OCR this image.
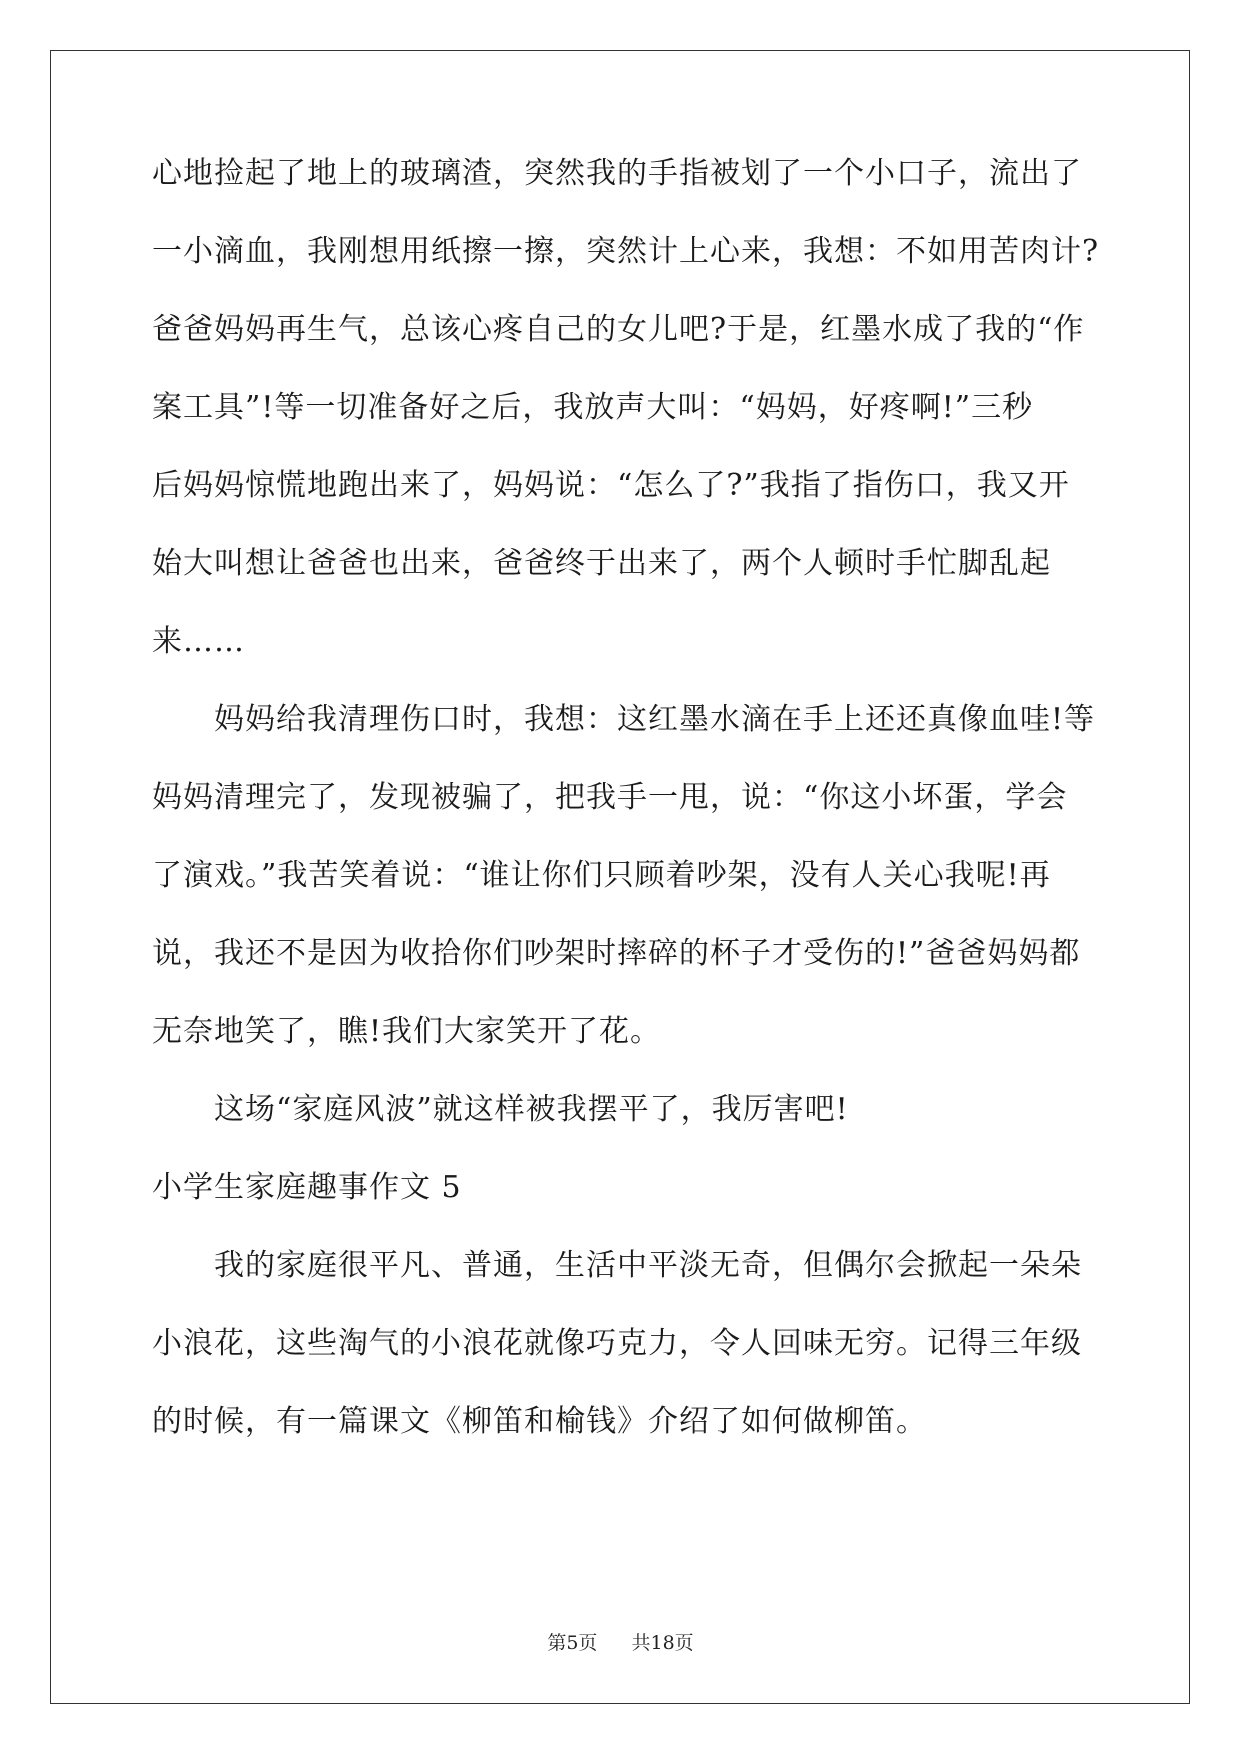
心地捡起了地上的玻璃渣，突然我的手指被划了一个小口子，流出了
一小滴血，我刚想用纸擦一擦，突然计上心来，我想：不如用苦肉计?
爸爸妈妈再生气，总该心疼自己的女儿吧?于是，红墨水成了我的“作
案工具”!等一切准备好之后，我放声大叫：“妈妈，好疼啊!”三秒
后妈妈惊慌地跑出来了，妈妈说：“怎么了?”我指了指伤口，我又开
始大叫想让爸爸也出来，爸爸终于出来了，两个人顿时手忙脚乱起
来……
妈妈给我清理伤口时，我想：这红墨水滴在手上还还真像血哇!等
妈妈清理完了，发现被骗了，把我手一甩，说：“你这小坏蛋，学会
了演戏。”我苦笑着说：“谁让你们只顾着吵架，没有人关心我呢!再
说，我还不是因为收拾你们吵架时摔碎的杯子才受伤的!”爸爸妈妈都
无奈地笑了，瞧!我们大家笑开了花。
这场“家庭风波”就这样被我摆平了，我厉害吧!
小学生家庭趣事作文 5
我的家庭很平凡、普通，生活中平淡无奇，但偶尔会掀起一朵朵
小浪花，这些淘气的小浪花就像巧克力，令人回味无穷。记得三年级
的时候，有一篇课文《柳笛和榆钱》介绍了如何做柳笛。
第5页 共18页
